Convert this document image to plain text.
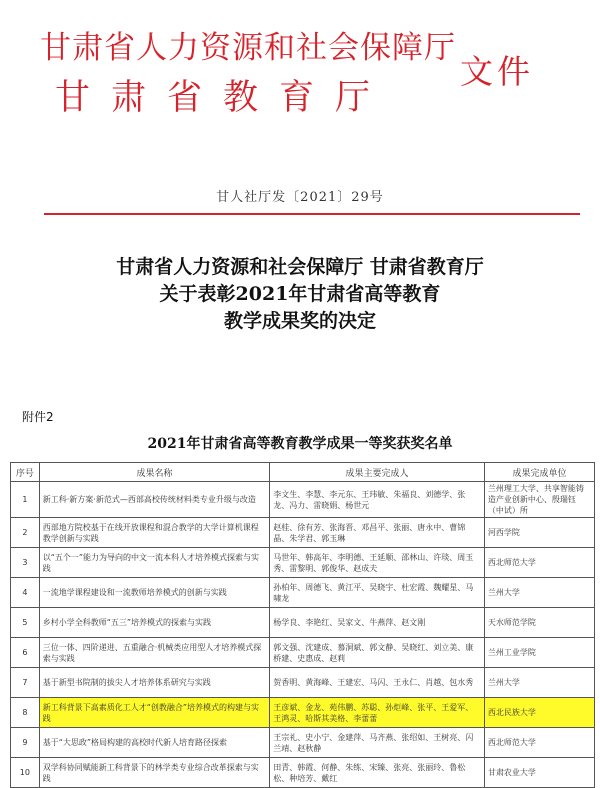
甘肃省人力资源和社会保障厅
甘肃省教育厅
文件
甘人社厅发〔2021〕29号
甘肃省人力资源和社会保障厅 甘肃省教育厅
关于表彰2021年甘肃省高等教育
教学成果奖的决定
附件2
2021年甘肃省高等教育教学成果一等奖获奖名单
序号	成果名称	成果主要完成人	成果完成单位
1	新工科·新方案·新范式—西部高校传统材料类专业升级与改造	李文生、李慧、李元东、王玮敏、朱福良、刘德学、张龙、冯力、雷晓娟、杨世元	兰州理工大学、共享智能铸造产业创新中心、殷瑞钰（中试）所
2	西部地方院校基于在线开放课程和混合教学的大学计算机课程教学创新与实践	赵桂、徐有芳、张海晋、邓昌平、张丽、唐永中、曹锦晶、朱学君、郭玉琳	河西学院
3	以“五个一”能力为导向的中文一流本科人才培养模式探索与实践	马世年、韩高年、李明德、王延顺、邵林山、许琰、周玉秀、雷黎明、郭俊华、赵成夫	西北师范大学
4	一流地学课程建设和一流教师培养模式的创新与实践	孙柏年、周德飞、黄江平、吴晓宇、杜宏霞、魏耀星、马啸龙	兰州大学
5	乡村小学全科教师“五三”培养模式的探索与实践	杨学良、李艳红、吴家文、牛燕萍、赵文刚	天水师范学院
6	三位一体、四阶递进、五重融合·机械类应用型人才培养模式探索与实践	郭文强、沈建成、慕洞斌、郭文静、吴晓红、刘立美、康桥建、史惠成、赵莉	兰州工业学院
7	基于新型书院制的拔尖人才培养体系研究与实践	贺香明、黄海峰、王建宏、马闪、王永仁、肖越、包水秀	兰州大学
8	新工科背景下高素质化工人才“创教融合”培养模式的构建与实践	王彦斌、金龙、苑伟鹏、苏聪、孙炬峰、张平、王爱军、王鸿灵、哈斯其美格、李蕾蕾	西北民族大学
9	基于“大思政”格局构建的高校时代新人培育路径探索	王宗礼、史小宁、金建萍、马齐燕、张绍如、王树亮、闪兰靖、赵秋静	西北师范大学
10	双学科协同赋能新工科背景下的林学类专业综合改革探索与实践	田青、韩霞、何静、朱练、宋臻、张亮、张丽玲、鲁松松、种培芳、戴红	甘肃农业大学
